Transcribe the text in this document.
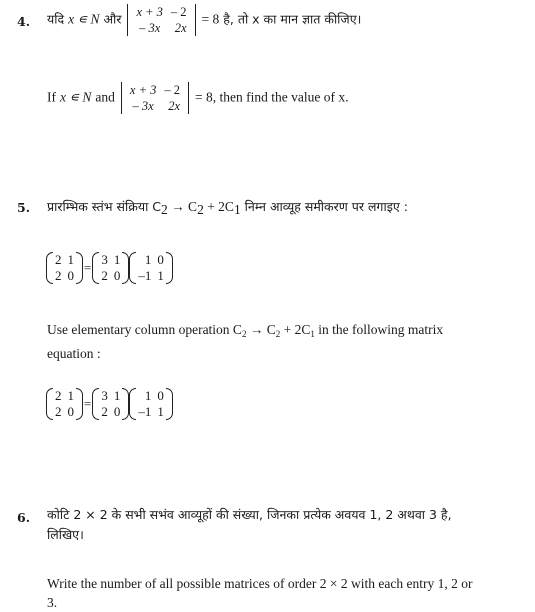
4. यदि x ∊ N और x + 3	– 2
– 3x	2x
= 8 है, तो x का मान ज्ञात कीजिए।
If x ∊ N and x + 3	– 2
– 3x	2x
= 8, then find the value of x.
5. प्रारम्भिक स्तंभ संक्रिया $C_2 \to C_2 + 2C_1$ निम्न आव्यूह समीकरण पर लगाइए :
2	1
2	0
=
3	1
2	0
1	0
–1	1
Use elementary column operation $C_2 \to C_2 + 2C_1$ in the following matrix equation :
2	1
2	0
=
3	1
2	0
1	0
–1	1
6. कोटि 2 × 2 के सभी सभंव आव्यूहों की संख्या, जिनका प्रत्येक अवयव 1, 2 अथवा 3 है, लिखिए।
Write the number of all possible matrices of order 2 × 2 with each entry 1, 2 or 3.
